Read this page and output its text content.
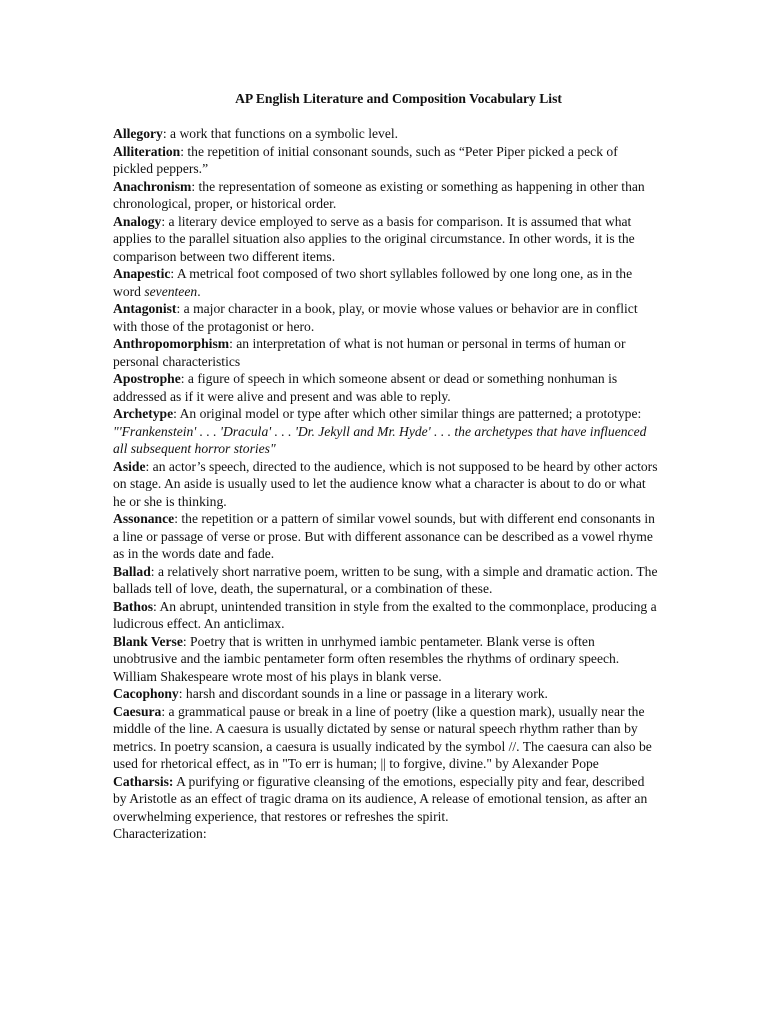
AP English Literature and Composition Vocabulary List

Allegory: a work that functions on a symbolic level.

Alliteration: the repetition of initial consonant sounds, such as “Peter Piper picked a peck of pickled peppers.”

Anachronism: the representation of someone as existing or something as happening in other than chronological, proper, or historical order.

Analogy: a literary device employed to serve as a basis for comparison. It is assumed that what applies to the parallel situation also applies to the original circumstance. In other words, it is the comparison between two different items.

Anapestic: A metrical foot composed of two short syllables followed by one long one, as in the word seventeen.

Antagonist: a major character in a book, play, or movie whose values or behavior are in conflict with those of the protagonist or hero.

Anthropomorphism: an interpretation of what is not human or personal in terms of human or personal characteristics

Apostrophe: a figure of speech in which someone absent or dead or something nonhuman is addressed as if it were alive and present and was able to reply.

Archetype: An original model or type after which other similar things are patterned; a prototype: "'Frankenstein' . . . 'Dracula' . . . 'Dr. Jekyll and Mr. Hyde' . . . the archetypes that have influenced all subsequent horror stories"

Aside: an actor’s speech, directed to the audience, which is not supposed to be heard by other actors on stage. An aside is usually used to let the audience know what a character is about to do or what he or she is thinking.

Assonance: the repetition or a pattern of similar vowel sounds, but with different end consonants in a line or passage of verse or prose. But with different assonance can be described as a vowel rhyme as in the words date and fade.

Ballad: a relatively short narrative poem, written to be sung, with a simple and dramatic action. The ballads tell of love, death, the supernatural, or a combination of these.

Bathos: An abrupt, unintended transition in style from the exalted to the commonplace, producing a ludicrous effect. An anticlimax.

Blank Verse: Poetry that is written in unrhymed iambic pentameter. Blank verse is often unobtrusive and the iambic pentameter form often resembles the rhythms of ordinary speech. William Shakespeare wrote most of his plays in blank verse.

Cacophony: harsh and discordant sounds in a line or passage in a literary work.

Caesura: a grammatical pause or break in a line of poetry (like a question mark), usually near the middle of the line. A caesura is usually dictated by sense or natural speech rhythm rather than by metrics. In poetry scansion, a caesura is usually indicated by the symbol //. The caesura can also be used for rhetorical effect, as in "To err is human; || to forgive, divine." by Alexander Pope

Catharsis: A purifying or figurative cleansing of the emotions, especially pity and fear, described by Aristotle as an effect of tragic drama on its audience, A release of emotional tension, as after an overwhelming experience, that restores or refreshes the spirit.

Characterization:
